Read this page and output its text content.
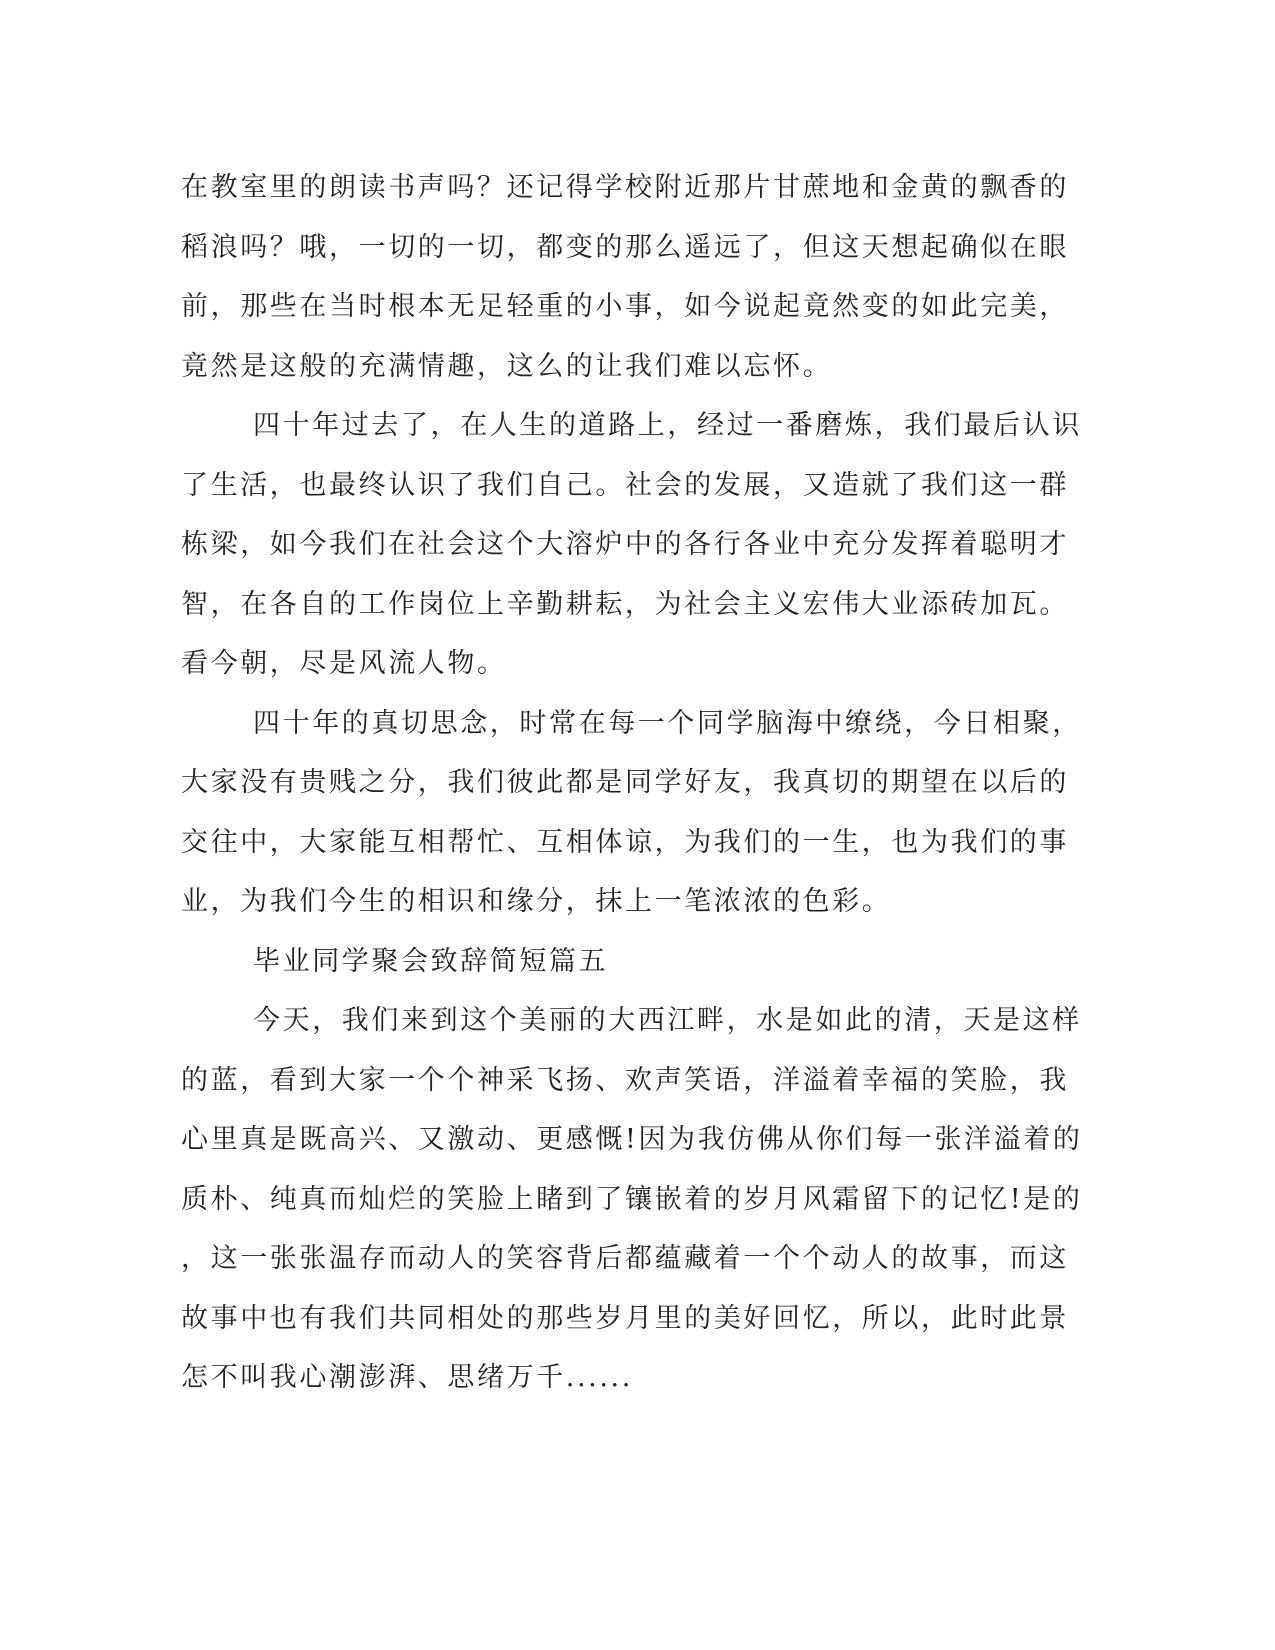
在教室里的朗读书声吗？还记得学校附近那片甘蔗地和金黄的飘香的
稻浪吗？哦，一切的一切，都变的那么遥远了，但这天想起确似在眼
前，那些在当时根本无足轻重的小事，如今说起竟然变的如此完美，
竟然是这般的充满情趣，这么的让我们难以忘怀。
四十年过去了，在人生的道路上，经过一番磨炼，我们最后认识
了生活，也最终认识了我们自己。社会的发展，又造就了我们这一群
栋梁，如今我们在社会这个大溶炉中的各行各业中充分发挥着聪明才
智，在各自的工作岗位上辛勤耕耘，为社会主义宏伟大业添砖加瓦。
看今朝，尽是风流人物。
四十年的真切思念，时常在每一个同学脑海中缭绕，今日相聚，
大家没有贵贱之分，我们彼此都是同学好友，我真切的期望在以后的
交往中，大家能互相帮忙、互相体谅，为我们的一生，也为我们的事
业，为我们今生的相识和缘分，抹上一笔浓浓的色彩。
毕业同学聚会致辞简短篇五
今天，我们来到这个美丽的大西江畔，水是如此的清，天是这样
的蓝，看到大家一个个神采飞扬、欢声笑语，洋溢着幸福的笑脸，我
心里真是既高兴、又激动、更感慨!因为我仿佛从你们每一张洋溢着的
质朴、纯真而灿烂的笑脸上睹到了镶嵌着的岁月风霜留下的记忆!是的
，这一张张温存而动人的笑容背后都蕴藏着一个个动人的故事，而这
故事中也有我们共同相处的那些岁月里的美好回忆，所以，此时此景
怎不叫我心潮澎湃、思绪万千......
